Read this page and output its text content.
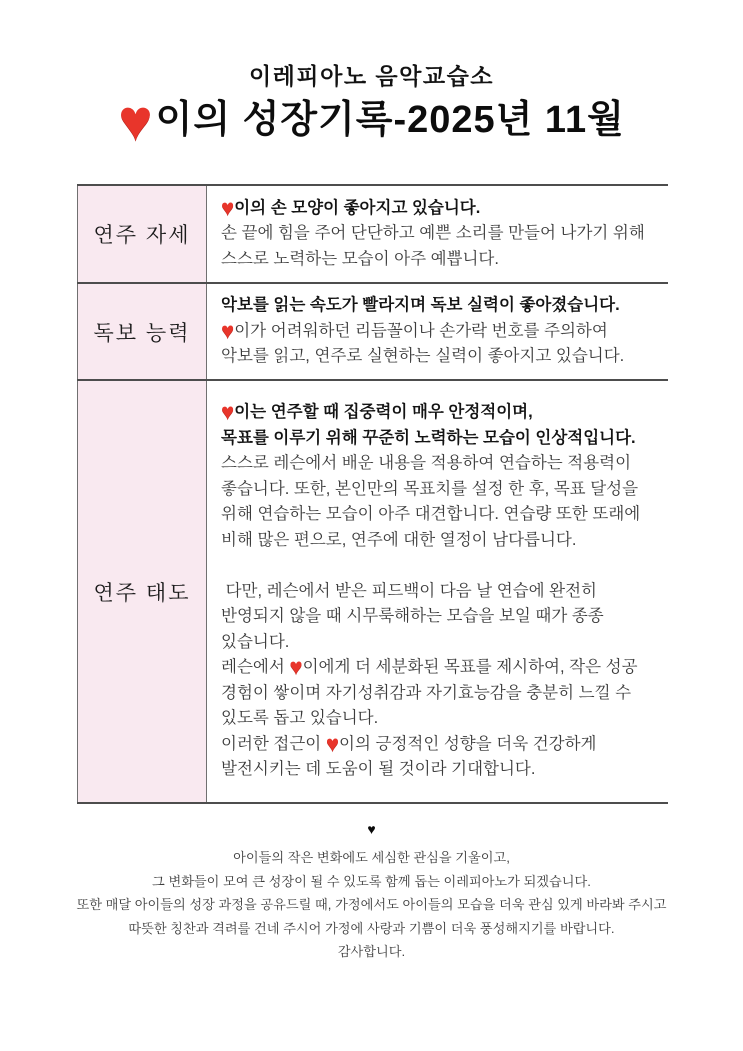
이레피아노 음악교습소
♥ 이의 성장기록-2025년 11월
연주 자세
♥이의 손 모양이 좋아지고 있습니다.
손 끝에 힘을 주어 단단하고 예쁜 소리를 만들어 나가기 위해
스스로 노력하는 모습이 아주 예쁩니다.
독보 능력
악보를 읽는 속도가 빨라지며 독보 실력이 좋아졌습니다.
♥이가 어려워하던 리듬꼴이나 손가락 번호를 주의하여
악보를 읽고, 연주로 실현하는 실력이 좋아지고 있습니다.
연주 태도
♥이는 연주할 때 집중력이 매우 안정적이며,
목표를 이루기 위해 꾸준히 노력하는 모습이 인상적입니다.
스스로 레슨에서 배운 내용을 적용하여 연습하는 적용력이
좋습니다. 또한, 본인만의 목표치를 설정 한 후, 목표 달성을
위해 연습하는 모습이 아주 대견합니다. 연습량 또한 또래에
비해 많은 편으로, 연주에 대한 열정이 남다릅니다.

다만, 레슨에서 받은 피드백이 다음 날 연습에 완전히
반영되지 않을 때 시무룩해하는 모습을 보일 때가 종종
있습니다.
레슨에서 ♥이에게 더 세분화된 목표를 제시하여, 작은 성공
경험이 쌓이며 자기성취감과 자기효능감을 충분히 느낄 수
있도록 돕고 있습니다.
이러한 접근이 ♥이의 긍정적인 성향을 더욱 건강하게
발전시키는 데 도움이 될 것이라 기대합니다.
♥
아이들의 작은 변화에도 세심한 관심을 기울이고,
그 변화들이 모여 큰 성장이 될 수 있도록 함께 돕는 이레피아노가 되겠습니다.
또한 매달 아이들의 성장 과정을 공유드릴 때, 가정에서도 아이들의 모습을 더욱 관심 있게 바라봐 주시고
따뜻한 칭찬과 격려를 건네 주시어 가정에 사랑과 기쁨이 더욱 풍성해지기를 바랍니다.
감사합니다.
